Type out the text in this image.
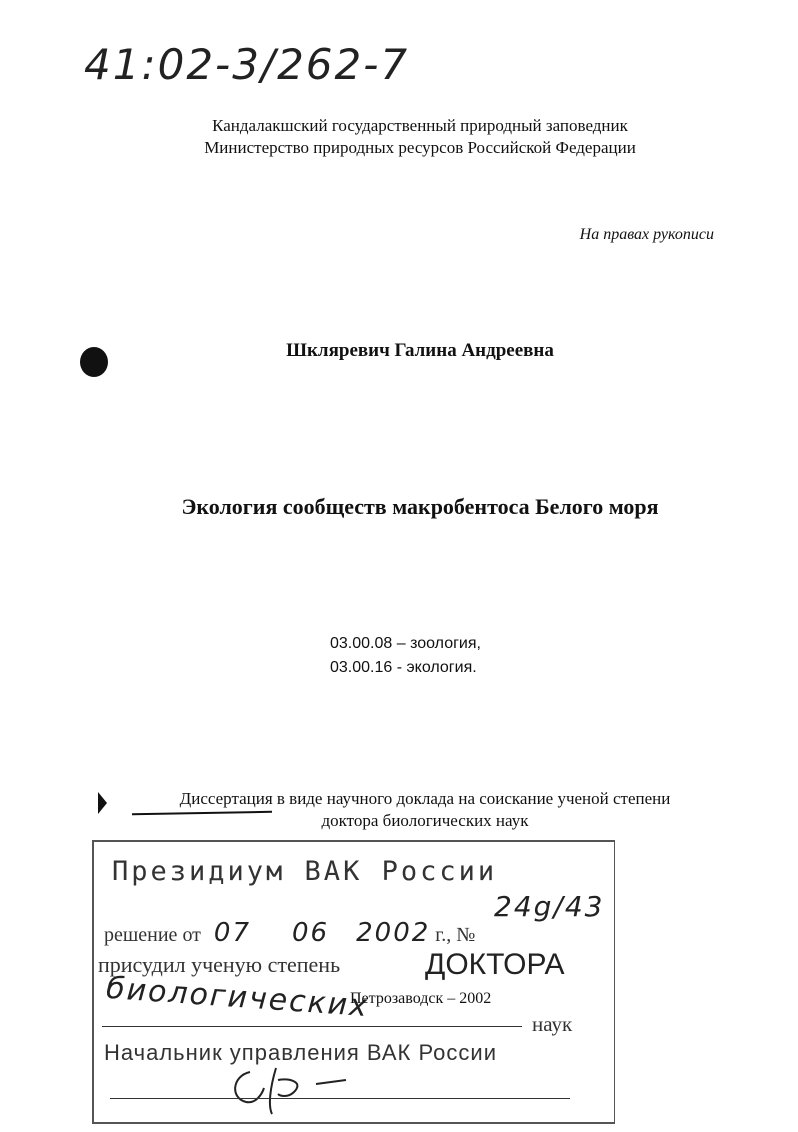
41:02-3/262-7
Кандалакшский государственный природный заповедник
Министерство природных ресурсов Российской Федерации
На правах рукописи
Шкляревич Галина Андреевна
Экология сообществ макробентоса Белого моря
03.00.08 – зоология,
03.00.16 - экология.
Диссертация в виде научного доклада на соискание ученой степени
доктора биологических наук
Президиум ВАК России
решение от 07 06 2002 г., №
24g/43
присудил ученую степень	ДОКТОРА
биологических
Петрозаводск – 2002
наук
Начальник управления ВАК России
